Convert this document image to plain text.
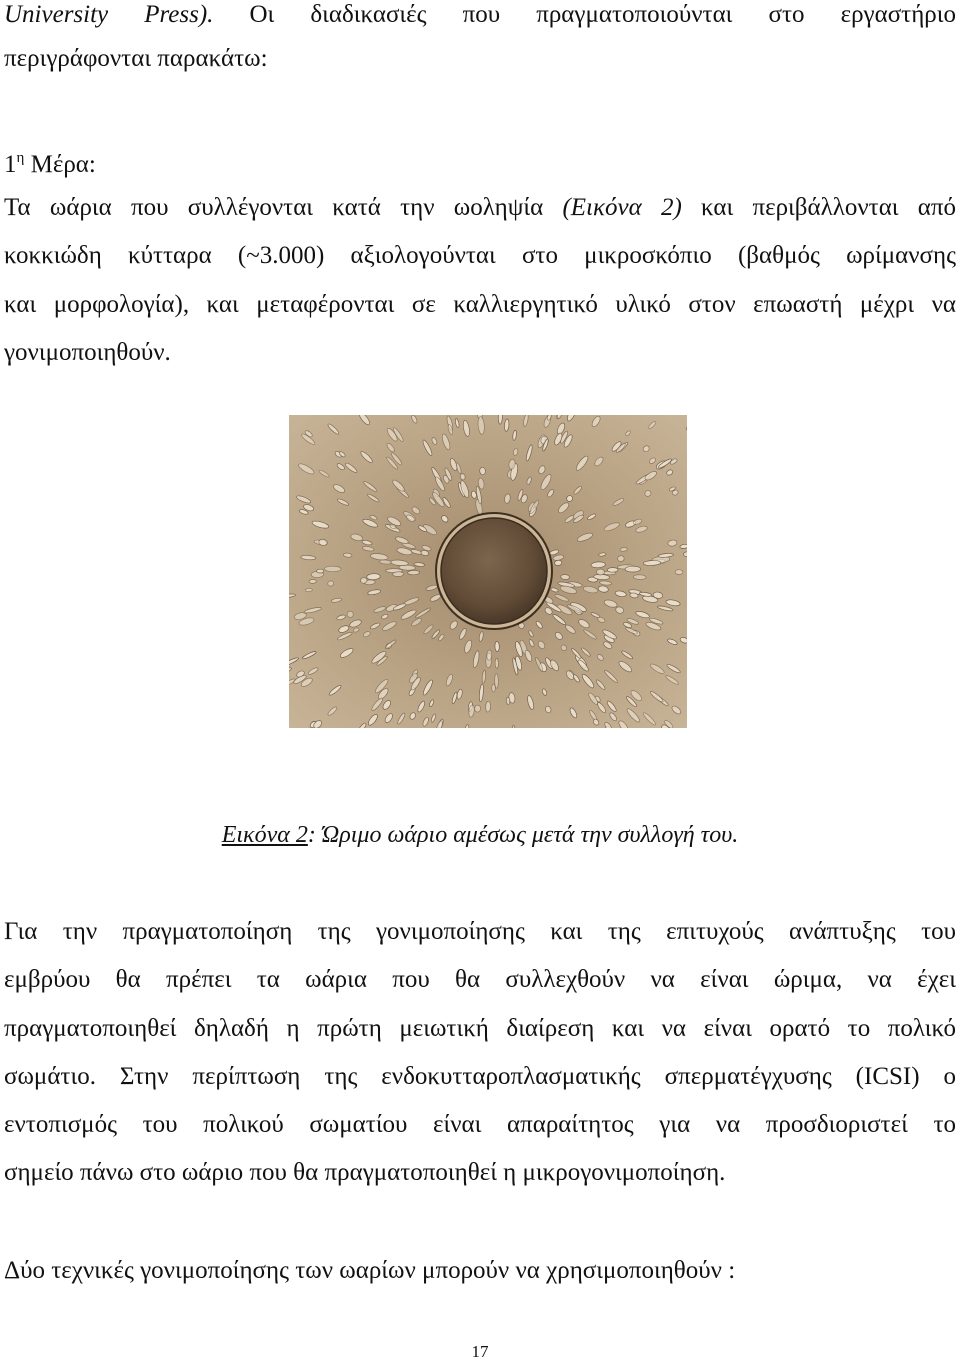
University Press). Οι διαδικασιές που πραγματοποιούνται στο εργαστήριο
περιγράφονται παρακάτω:
$1^\eta$ Μέρα:
Τα ωάρια που συλλέγονται κατά την ωοληψία (Εικόνα 2) και περιβάλλονται από
κοκκιώδη κύτταρα (~3.000) αξιολογούνται στο μικροσκόπιο (βαθμός ωρίμανσης
και μορφολογία), και μεταφέρονται σε καλλιεργητικό υλικό στον επωαστή μέχρι να
γονιμοποιηθούν.
Εικόνα 2: Ώριμο ωάριο αμέσως μετά την συλλογή του.
Για την πραγματοποίηση της γονιμοποίησης και της επιτυχούς ανάπτυξης του
εμβρύου θα πρέπει τα ωάρια που θα συλλεχθούν να είναι ώριμα, να έχει
πραγματοποιηθεί δηλαδή η πρώτη μειωτική διαίρεση και να είναι ορατό το πολικό
σωμάτιο. Στην περίπτωση της ενδοκυτταροπλασματικής σπερματέγχυσης (ICSI) ο
εντοπισμός του πολικού σωματίου είναι απαραίτητος για να προσδιοριστεί το
σημείο πάνω στο ωάριο που θα πραγματοποιηθεί η μικρογονιμοποίηση.
Δύο τεχνικές γονιμοποίησης των ωαρίων μπορούν να χρησιμοποιηθούν :
17
